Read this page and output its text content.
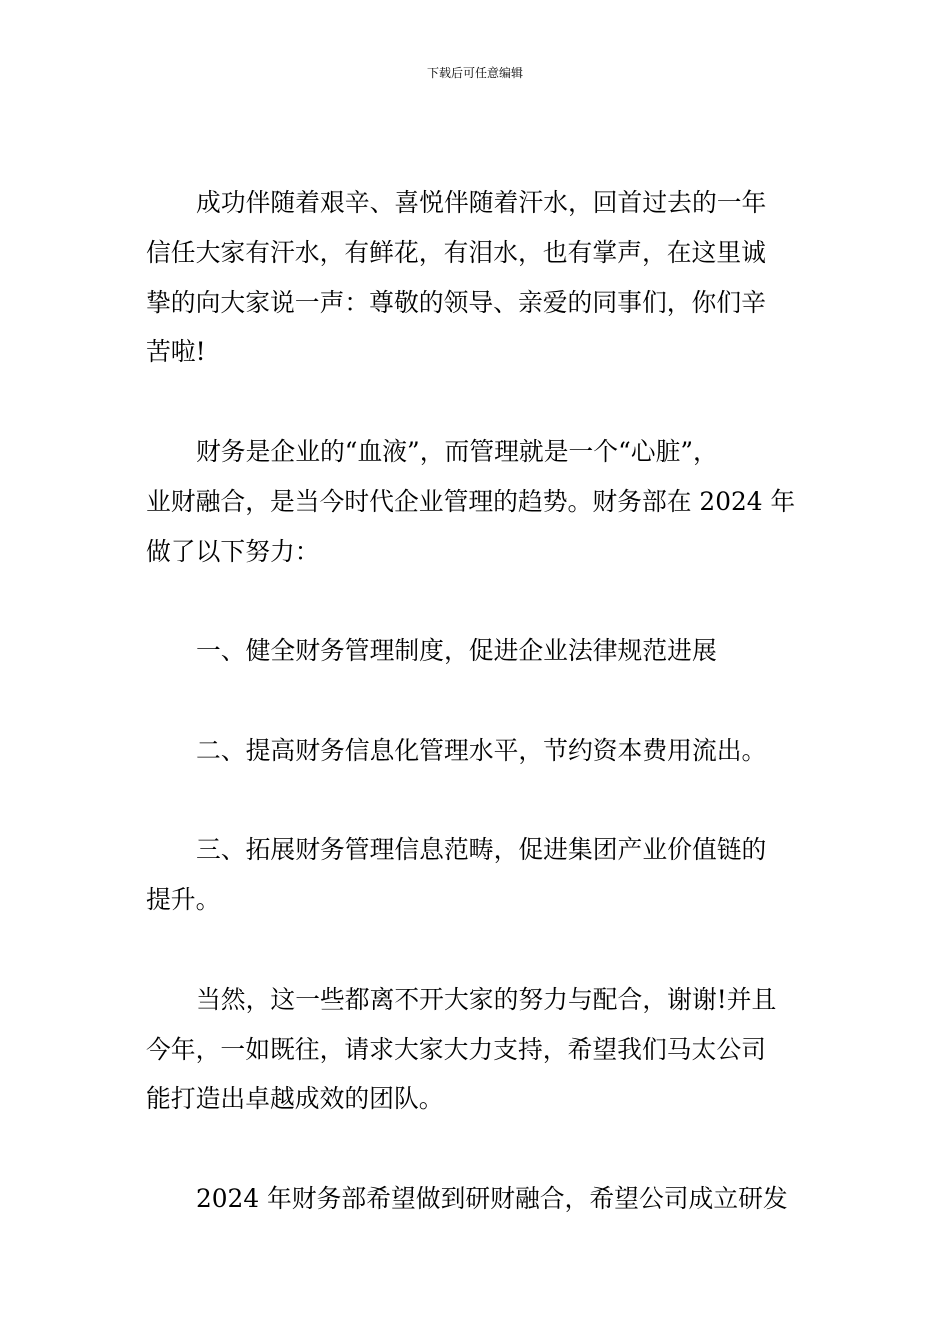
下载后可任意编辑
成功伴随着艰辛、喜悦伴随着汗水，回首过去的一年
信任大家有汗水，有鲜花，有泪水，也有掌声，在这里诚
挚的向大家说一声：尊敬的领导、亲爱的同事们，你们辛
苦啦!
财务是企业的“血液”，而管理就是一个“心脏”，
业财融合，是当今时代企业管理的趋势。财务部在 2024 年
做了以下努力：
一、健全财务管理制度，促进企业法律规范进展
二、提高财务信息化管理水平，节约资本费用流出。
三、拓展财务管理信息范畴，促进集团产业价值链的
提升。
当然，这一些都离不开大家的努力与配合，谢谢!并且
今年，一如既往，请求大家大力支持，希望我们马太公司
能打造出卓越成效的团队。
2024 年财务部希望做到研财融合，希望公司成立研发
